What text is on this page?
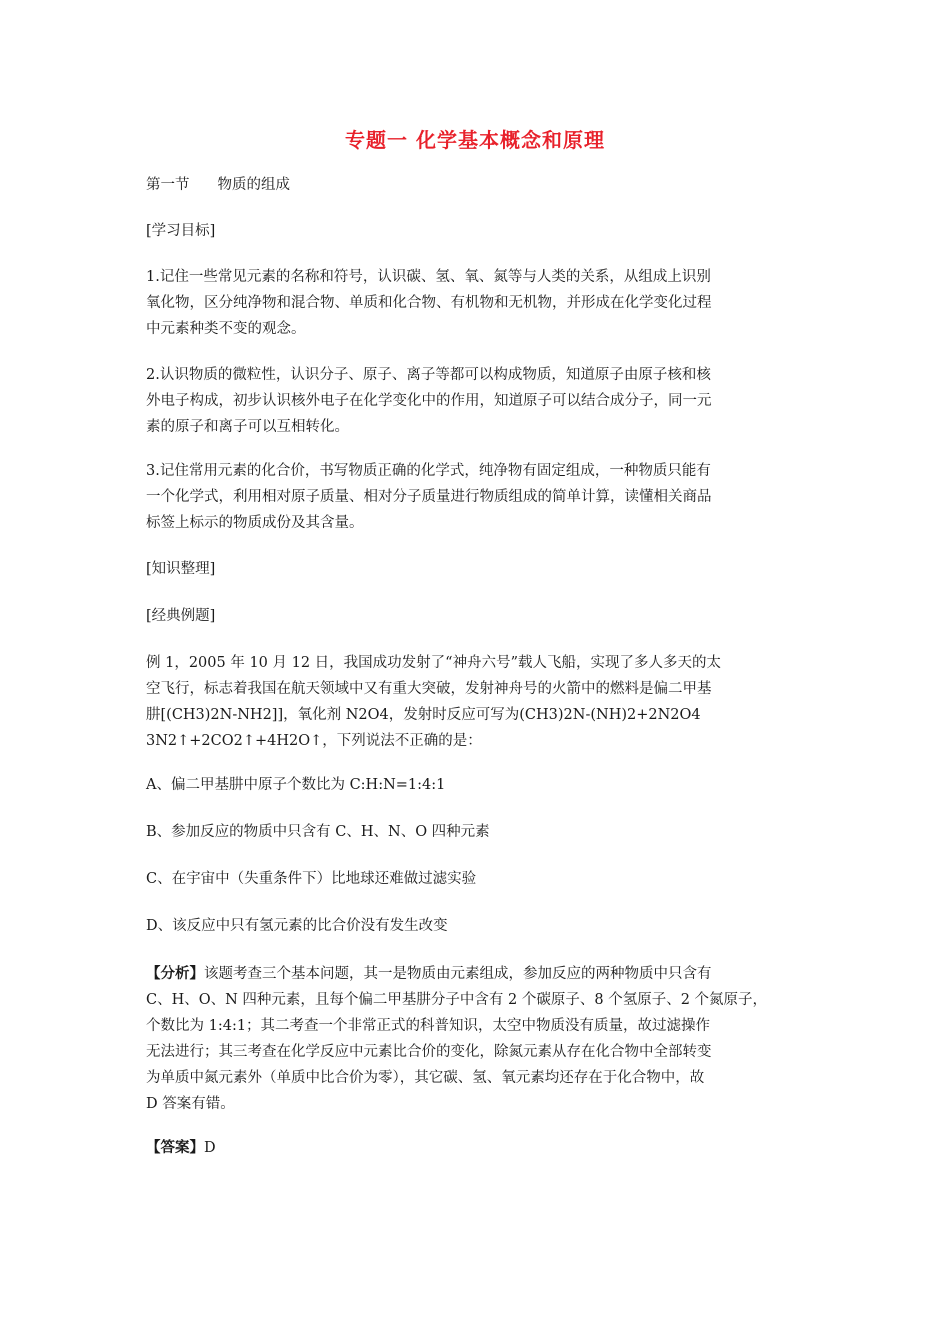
专题一 化学基本概念和原理
第一节 物质的组成
[学习目标]

1.记住一些常见元素的名称和符号，认识碳、氢、氧、氮等与人类的关系，从组成上识别

氧化物，区分纯净物和混合物、单质和化合物、有机物和无机物，并形成在化学变化过程

中元素种类不变的观念。

2.认识物质的微粒性，认识分子、原子、离子等都可以构成物质，知道原子由原子核和核

外电子构成，初步认识核外电子在化学变化中的作用，知道原子可以结合成分子，同一元

素的原子和离子可以互相转化。

3.记住常用元素的化合价，书写物质正确的化学式，纯净物有固定组成，一种物质只能有

一个化学式，利用相对原子质量、相对分子质量进行物质组成的简单计算，读懂相关商品

标签上标示的物质成份及其含量。

[知识整理]
[经典例题]

例 1，2005 年 10 月 12 日，我国成功发射了“神舟六号”载人飞船，实现了多人多天的太

空飞行，标志着我国在航天领域中又有重大突破，发射神舟号的火箭中的燃料是偏二甲基

肼[(CH3)2N-NH2]]，氧化剂 N2O4，发射时反应可写为(CH3)2N-(NH)2+2N2O4

3N2↑+2CO2↑+4H2O↑，下列说法不正确的是：

A、偏二甲基肼中原子个数比为 C:H:N=1:4:1
B、参加反应的物质中只含有 C、H、N、O 四种元素
C、在宇宙中（失重条件下）比地球还难做过滤实验
D、该反应中只有氢元素的比合价没有发生改变

【分析】该题考查三个基本问题，其一是物质由元素组成，参加反应的两种物质中只含有

C、H、O、N 四种元素，且每个偏二甲基肼分子中含有 2 个碳原子、8 个氢原子、2 个氮原子，

个数比为 1:4:1；其二考查一个非常正式的科普知识，太空中物质没有质量，故过滤操作

无法进行；其三考查在化学反应中元素比合价的变化，除氮元素从存在化合物中全部转变

为单质中氮元素外（单质中比合价为零），其它碳、氢、氧元素均还存在于化合物中，故

D 答案有错。

【答案】D
